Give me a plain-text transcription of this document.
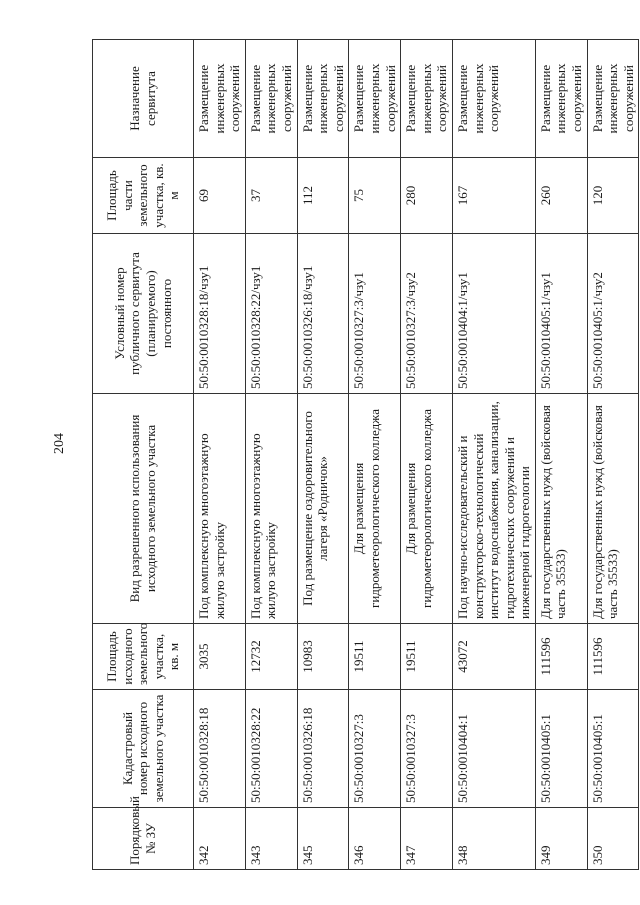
204
Порядковый № ЗУ	Кадастровый номер исходного земельного участка	Площадь исходного земельного участка, кв. м	Вид разрешенного использования исходного земельного участка	Условный номер публичного сервитута (планируемого) постоянного	Площадь части земельного участка, кв. м	Назначение сервитута
342	50:50:0010328:18	3035	Под комплексную многоэтажную жилую застройку	50:50:0010328:18/чзу1	69	Размещение инженерных сооружений
343	50:50:0010328:22	12732	Под комплексную многоэтажную жилую застройку	50:50:0010328:22/чзу1	37	Размещение инженерных сооружений
345	50:50:0010326:18	10983	Под размещение оздоровительного лагеря «Родничок»	50:50:0010326:18/чзу1	112	Размещение инженерных сооружений
346	50:50:0010327:3	19511	Для размещения гидрометеорологического колледжа	50:50:0010327:3/чзу1	75	Размещение инженерных сооружений
347	50:50:0010327:3	19511	Для размещения гидрометеорологического колледжа	50:50:0010327:3/чзу2	280	Размещение инженерных сооружений
348	50:50:0010404:1	43072	Под научно-исследовательский и конструкторско-технологический институт водоснабжения, канализации, гидротехнических сооружений и инженерной гидрогеологии	50:50:0010404:1/чзу1	167	Размещение инженерных сооружений
349	50:50:0010405:1	111596	Для государственных нужд (войсковая часть 35533)	50:50:0010405:1/чзу1	260	Размещение инженерных сооружений
350	50:50:0010405:1	111596	Для государственных нужд (войсковая часть 35533)	50:50:0010405:1/чзу2	120	Размещение инженерных сооружений
